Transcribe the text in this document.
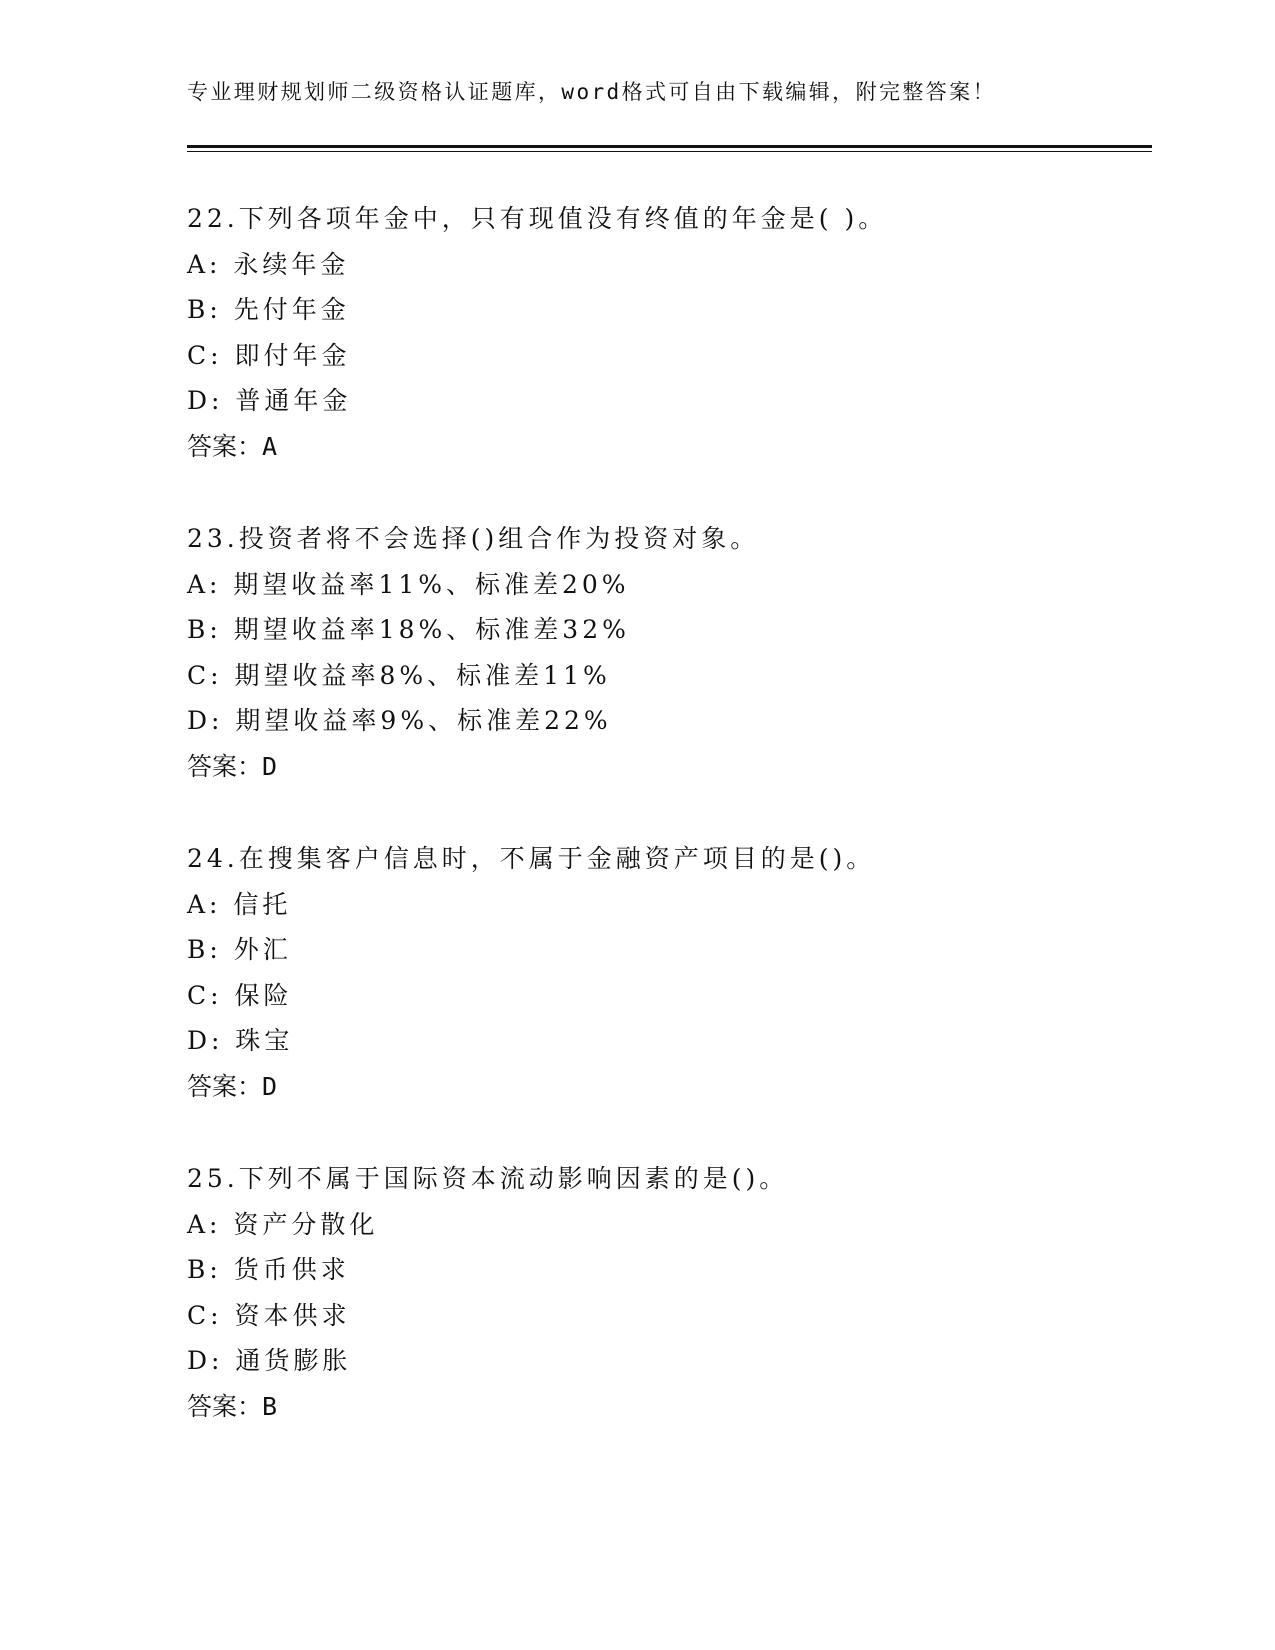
专业理财规划师二级资格认证题库，word格式可自由下载编辑，附完整答案！
22.下列各项年金中，只有现值没有终值的年金是( )。
A: 永续年金
B: 先付年金
C: 即付年金
D: 普通年金
答案：A
23.投资者将不会选择()组合作为投资对象。
A: 期望收益率11%、标准差20%
B: 期望收益率18%、标准差32%
C: 期望收益率8%、标准差11%
D: 期望收益率9%、标准差22%
答案：D
24.在搜集客户信息时，不属于金融资产项目的是()。
A: 信托
B: 外汇
C: 保险
D: 珠宝
答案：D
25.下列不属于国际资本流动影响因素的是()。
A: 资产分散化
B: 货币供求
C: 资本供求
D: 通货膨胀
答案：B
